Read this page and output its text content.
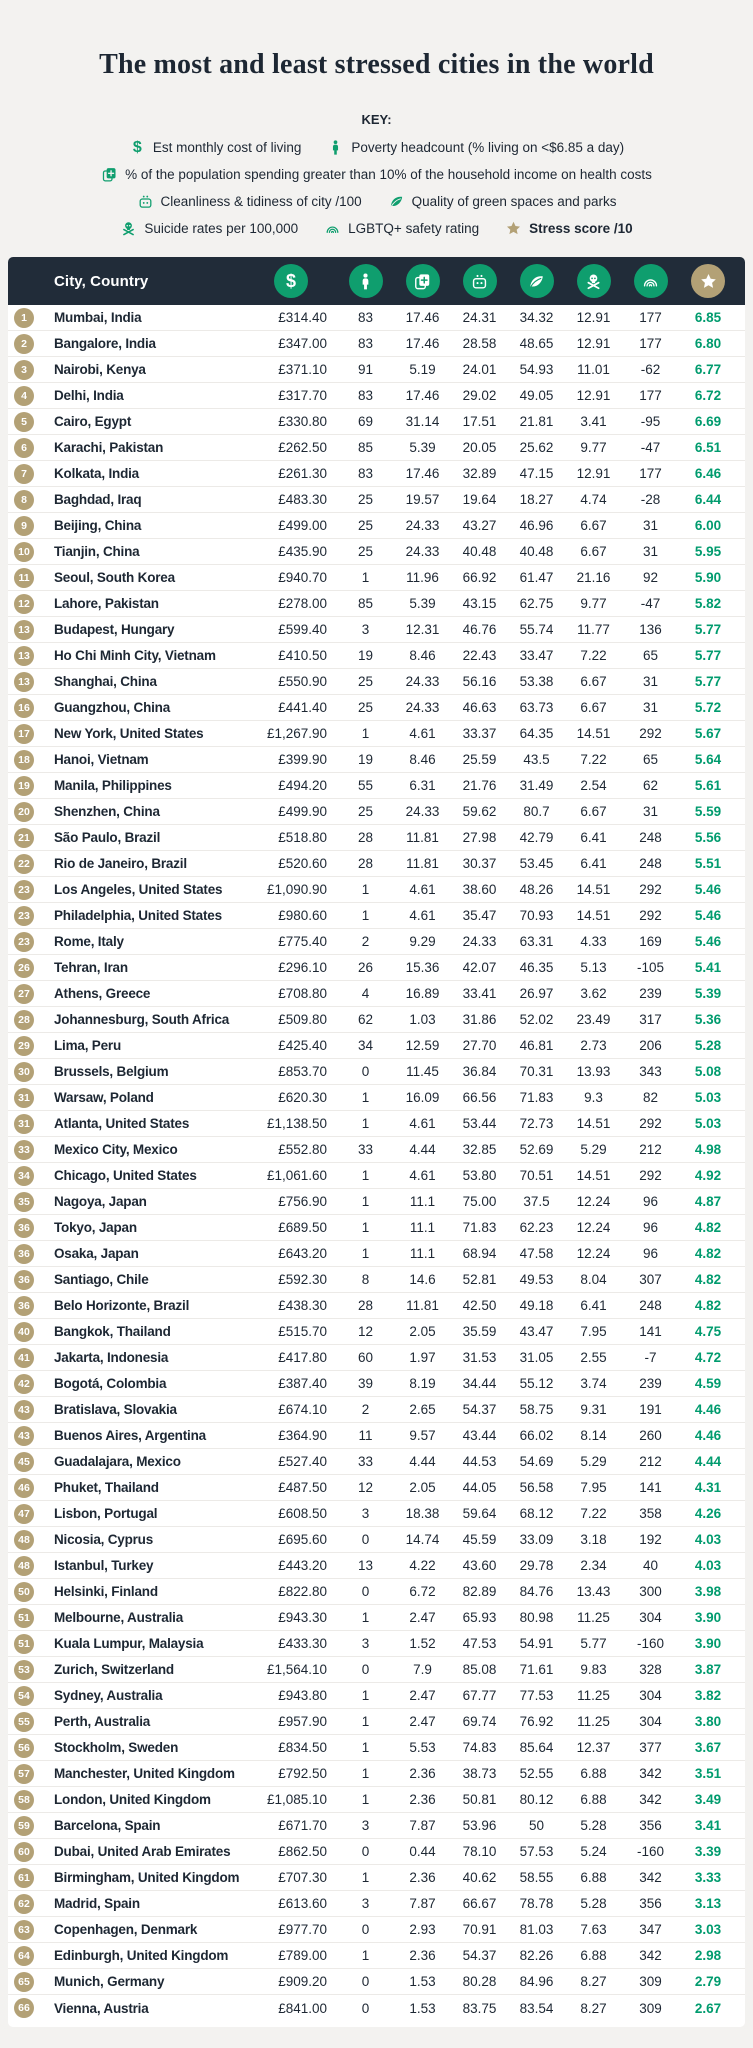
The most and least stressed cities in the world
KEY:
$ Est monthly cost of living	Poverty headcount (% living on <$6.85 a day)
% of the population spending greater than 10% of the household income on health costs
Cleanliness & tidiness of city /100	Quality of green spaces and parks
Suicide rates per 100,000	LGBTQ+ safety rating	Stress score /10
City, Country	$
1	Mumbai, India	£314.40	83	17.46	24.31	34.32	12.91	177	6.85
2	Bangalore, India	£347.00	83	17.46	28.58	48.65	12.91	177	6.80
3	Nairobi, Kenya	£371.10	91	5.19	24.01	54.93	11.01	-62	6.77
4	Delhi, India	£317.70	83	17.46	29.02	49.05	12.91	177	6.72
5	Cairo, Egypt	£330.80	69	31.14	17.51	21.81	3.41	-95	6.69
6	Karachi, Pakistan	£262.50	85	5.39	20.05	25.62	9.77	-47	6.51
7	Kolkata, India	£261.30	83	17.46	32.89	47.15	12.91	177	6.46
8	Baghdad, Iraq	£483.30	25	19.57	19.64	18.27	4.74	-28	6.44
9	Beijing, China	£499.00	25	24.33	43.27	46.96	6.67	31	6.00
10	Tianjin, China	£435.90	25	24.33	40.48	40.48	6.67	31	5.95
11	Seoul, South Korea	£940.70	1	11.96	66.92	61.47	21.16	92	5.90
12	Lahore, Pakistan	£278.00	85	5.39	43.15	62.75	9.77	-47	5.82
13	Budapest, Hungary	£599.40	3	12.31	46.76	55.74	11.77	136	5.77
13	Ho Chi Minh City, Vietnam	£410.50	19	8.46	22.43	33.47	7.22	65	5.77
13	Shanghai, China	£550.90	25	24.33	56.16	53.38	6.67	31	5.77
16	Guangzhou, China	£441.40	25	24.33	46.63	63.73	6.67	31	5.72
17	New York, United States	£1,267.90	1	4.61	33.37	64.35	14.51	292	5.67
18	Hanoi, Vietnam	£399.90	19	8.46	25.59	43.5	7.22	65	5.64
19	Manila, Philippines	£494.20	55	6.31	21.76	31.49	2.54	62	5.61
20	Shenzhen, China	£499.90	25	24.33	59.62	80.7	6.67	31	5.59
21	São Paulo, Brazil	£518.80	28	11.81	27.98	42.79	6.41	248	5.56
22	Rio de Janeiro, Brazil	£520.60	28	11.81	30.37	53.45	6.41	248	5.51
23	Los Angeles, United States	£1,090.90	1	4.61	38.60	48.26	14.51	292	5.46
23	Philadelphia, United States	£980.60	1	4.61	35.47	70.93	14.51	292	5.46
23	Rome, Italy	£775.40	2	9.29	24.33	63.31	4.33	169	5.46
26	Tehran, Iran	£296.10	26	15.36	42.07	46.35	5.13	-105	5.41
27	Athens, Greece	£708.80	4	16.89	33.41	26.97	3.62	239	5.39
28	Johannesburg, South Africa	£509.80	62	1.03	31.86	52.02	23.49	317	5.36
29	Lima, Peru	£425.40	34	12.59	27.70	46.81	2.73	206	5.28
30	Brussels, Belgium	£853.70	0	11.45	36.84	70.31	13.93	343	5.08
31	Warsaw, Poland	£620.30	1	16.09	66.56	71.83	9.3	82	5.03
31	Atlanta, United States	£1,138.50	1	4.61	53.44	72.73	14.51	292	5.03
33	Mexico City, Mexico	£552.80	33	4.44	32.85	52.69	5.29	212	4.98
34	Chicago, United States	£1,061.60	1	4.61	53.80	70.51	14.51	292	4.92
35	Nagoya, Japan	£756.90	1	11.1	75.00	37.5	12.24	96	4.87
36	Tokyo, Japan	£689.50	1	11.1	71.83	62.23	12.24	96	4.82
36	Osaka, Japan	£643.20	1	11.1	68.94	47.58	12.24	96	4.82
36	Santiago, Chile	£592.30	8	14.6	52.81	49.53	8.04	307	4.82
36	Belo Horizonte, Brazil	£438.30	28	11.81	42.50	49.18	6.41	248	4.82
40	Bangkok, Thailand	£515.70	12	2.05	35.59	43.47	7.95	141	4.75
41	Jakarta, Indonesia	£417.80	60	1.97	31.53	31.05	2.55	-7	4.72
42	Bogotá, Colombia	£387.40	39	8.19	34.44	55.12	3.74	239	4.59
43	Bratislava, Slovakia	£674.10	2	2.65	54.37	58.75	9.31	191	4.46
43	Buenos Aires, Argentina	£364.90	11	9.57	43.44	66.02	8.14	260	4.46
45	Guadalajara, Mexico	£527.40	33	4.44	44.53	54.69	5.29	212	4.44
46	Phuket, Thailand	£487.50	12	2.05	44.05	56.58	7.95	141	4.31
47	Lisbon, Portugal	£608.50	3	18.38	59.64	68.12	7.22	358	4.26
48	Nicosia, Cyprus	£695.60	0	14.74	45.59	33.09	3.18	192	4.03
48	Istanbul, Turkey	£443.20	13	4.22	43.60	29.78	2.34	40	4.03
50	Helsinki, Finland	£822.80	0	6.72	82.89	84.76	13.43	300	3.98
51	Melbourne, Australia	£943.30	1	2.47	65.93	80.98	11.25	304	3.90
51	Kuala Lumpur, Malaysia	£433.30	3	1.52	47.53	54.91	5.77	-160	3.90
53	Zurich, Switzerland	£1,564.10	0	7.9	85.08	71.61	9.83	328	3.87
54	Sydney, Australia	£943.80	1	2.47	67.77	77.53	11.25	304	3.82
55	Perth, Australia	£957.90	1	2.47	69.74	76.92	11.25	304	3.80
56	Stockholm, Sweden	£834.50	1	5.53	74.83	85.64	12.37	377	3.67
57	Manchester, United Kingdom	£792.50	1	2.36	38.73	52.55	6.88	342	3.51
58	London, United Kingdom	£1,085.10	1	2.36	50.81	80.12	6.88	342	3.49
59	Barcelona, Spain	£671.70	3	7.87	53.96	50	5.28	356	3.41
60	Dubai, United Arab Emirates	£862.50	0	0.44	78.10	57.53	5.24	-160	3.39
61	Birmingham, United Kingdom	£707.30	1	2.36	40.62	58.55	6.88	342	3.33
62	Madrid, Spain	£613.60	3	7.87	66.67	78.78	5.28	356	3.13
63	Copenhagen, Denmark	£977.70	0	2.93	70.91	81.03	7.63	347	3.03
64	Edinburgh, United Kingdom	£789.00	1	2.36	54.37	82.26	6.88	342	2.98
65	Munich, Germany	£909.20	0	1.53	80.28	84.96	8.27	309	2.79
66	Vienna, Austria	£841.00	0	1.53	83.75	83.54	8.27	309	2.67
